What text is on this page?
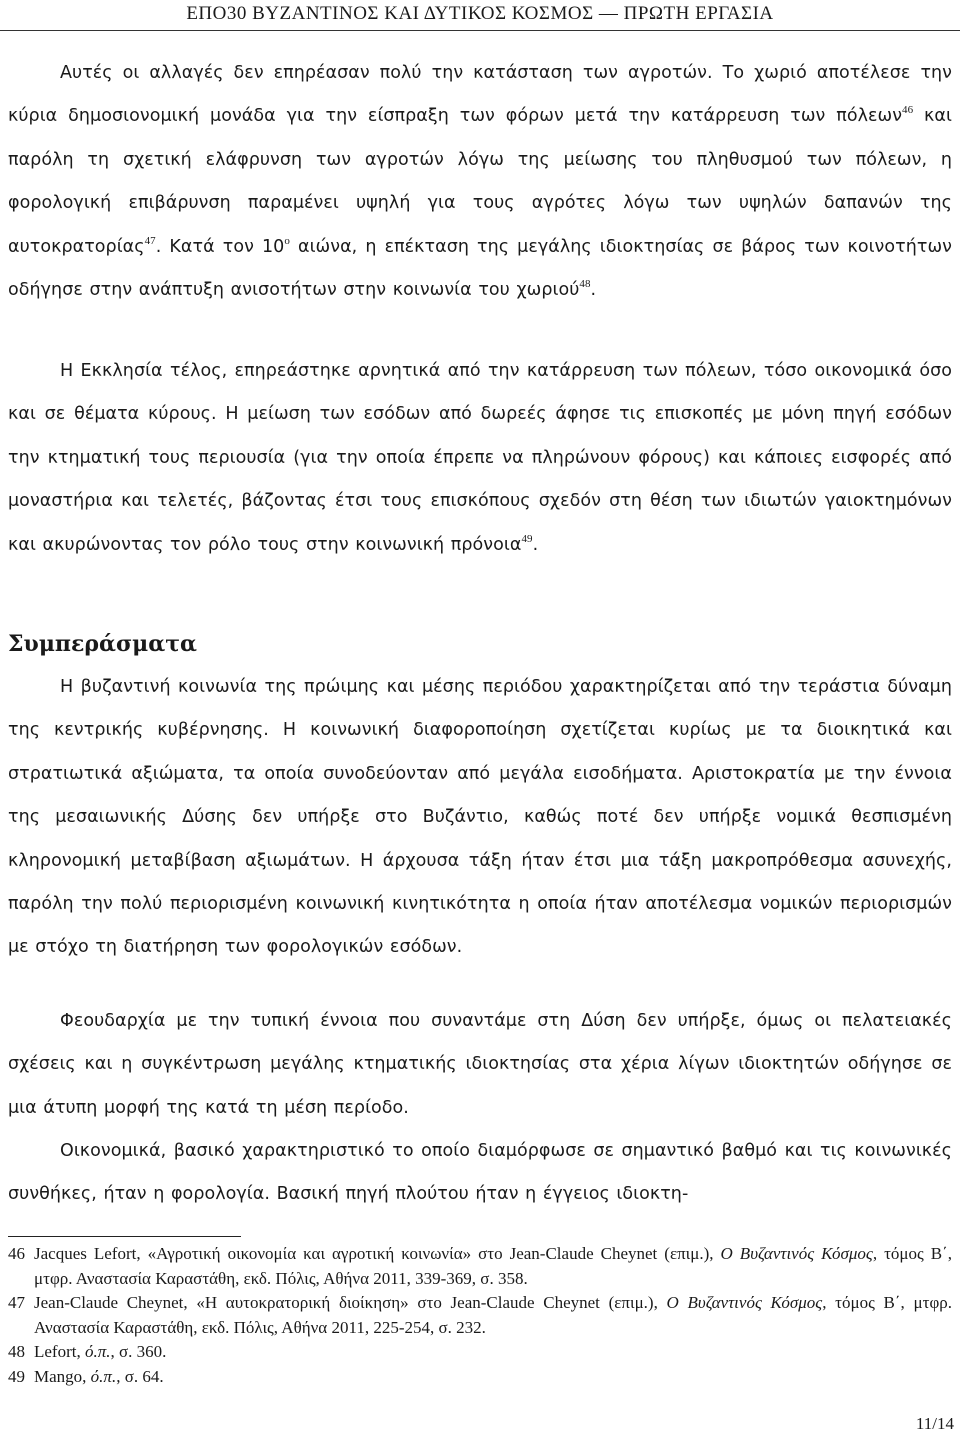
ΕΠΟ30 ΒΥΖΑΝΤΙΝΟΣ ΚΑΙ ΔΥΤΙΚΟΣ ΚΟΣΜΟΣ — ΠΡΩΤΗ ΕΡΓΑΣΙΑ

Αυτές οι αλλαγές δεν επηρέασαν πολύ την κατάσταση των αγροτών. Το χωριό αποτέλεσε την κύρια δημοσιονομική μονάδα για την είσπραξη των φόρων μετά την κατάρρευση των πόλεων$^{46}$ και παρόλη τη σχετική ελάφρυνση των αγροτών λόγω της μείωσης του πληθυσμού των πόλεων, η φορολογική επιβάρυνση παραμένει υψηλή για τους αγρότες λόγω των υψηλών δαπανών της αυτοκρατορίας$^{47}$. Κατά τον $10^o$ αιώνα, η επέκταση της μεγάλης ιδιοκτησίας σε βάρος των κοινοτήτων οδήγησε στην ανάπτυξη ανισοτήτων στην κοινωνία του χωριού$^{48}$.

Η Εκκλησία τέλος, επηρεάστηκε αρνητικά από την κατάρρευση των πόλεων, τόσο οικονομικά όσο και σε θέματα κύρους. Η μείωση των εσόδων από δωρεές άφησε τις επισκοπές με μόνη πηγή εσόδων την κτηματική τους περιουσία (για την οποία έπρεπε να πληρώνουν φόρους) και κάποιες εισφορές από μοναστήρια και τελετές, βάζοντας έτσι τους επισκόπους σχεδόν στη θέση των ιδιωτών γαιοκτημόνων και ακυρώνοντας τον ρόλο τους στην κοινωνική πρόνοια$^{49}$.

Συμπεράσματα

Η βυζαντινή κοινωνία της πρώιμης και μέσης περιόδου χαρακτηρίζεται από την τεράστια δύναμη της κεντρικής κυβέρνησης. Η κοινωνική διαφοροποίηση σχετίζεται κυρίως με τα διοικητικά και στρατιωτικά αξιώματα, τα οποία συνοδεύονταν από μεγάλα εισοδήματα. Αριστοκρατία με την έννοια της μεσαιωνικής Δύσης δεν υπήρξε στο Βυζάντιο, καθώς ποτέ δεν υπήρξε νομικά θεσπισμένη κληρονομική μεταβίβαση αξιωμάτων. Η άρχουσα τάξη ήταν έτσι μια τάξη μακροπρόθεσμα ασυνεχής, παρόλη την πολύ περιορισμένη κοινωνική κινητικότητα η οποία ήταν αποτέλεσμα νομικών περιορισμών με στόχο τη διατήρηση των φορολογικών εσόδων.

Φεουδαρχία με την τυπική έννοια που συναντάμε στη Δύση δεν υπήρξε, όμως οι πελατειακές σχέσεις και η συγκέντρωση μεγάλης κτηματικής ιδιοκτησίας στα χέρια λίγων ιδιοκτητών οδήγησε σε μια άτυπη μορφή της κατά τη μέση περίοδο.

Οικονομικά, βασικό χαρακτηριστικό το οποίο διαμόρφωσε σε σημαντικό βαθμό και τις κοινωνικές συνθήκες, ήταν η φορολογία. Βασική πηγή πλούτου ήταν η έγγειος ιδιοκτη-

46 Jacques Lefort, «Αγροτική οικονομία και αγροτική κοινωνία» στο Jean-Claude Cheynet (επιμ.), Ο Βυζαντινός Κόσμος, τόμος Β΄, μτφρ. Αναστασία Καραστάθη, εκδ. Πόλις, Αθήνα 2011, 339-369, σ. 358.
47 Jean-Claude Cheynet, «Η αυτοκρατορική διοίκηση» στο Jean-Claude Cheynet (επιμ.), Ο Βυζαντινός Κόσμος, τόμος Β΄, μτφρ. Αναστασία Καραστάθη, εκδ. Πόλις, Αθήνα 2011, 225-254, σ. 232.
48 Lefort, ό.π., σ. 360.
49 Mango, ό.π., σ. 64.
11/14
